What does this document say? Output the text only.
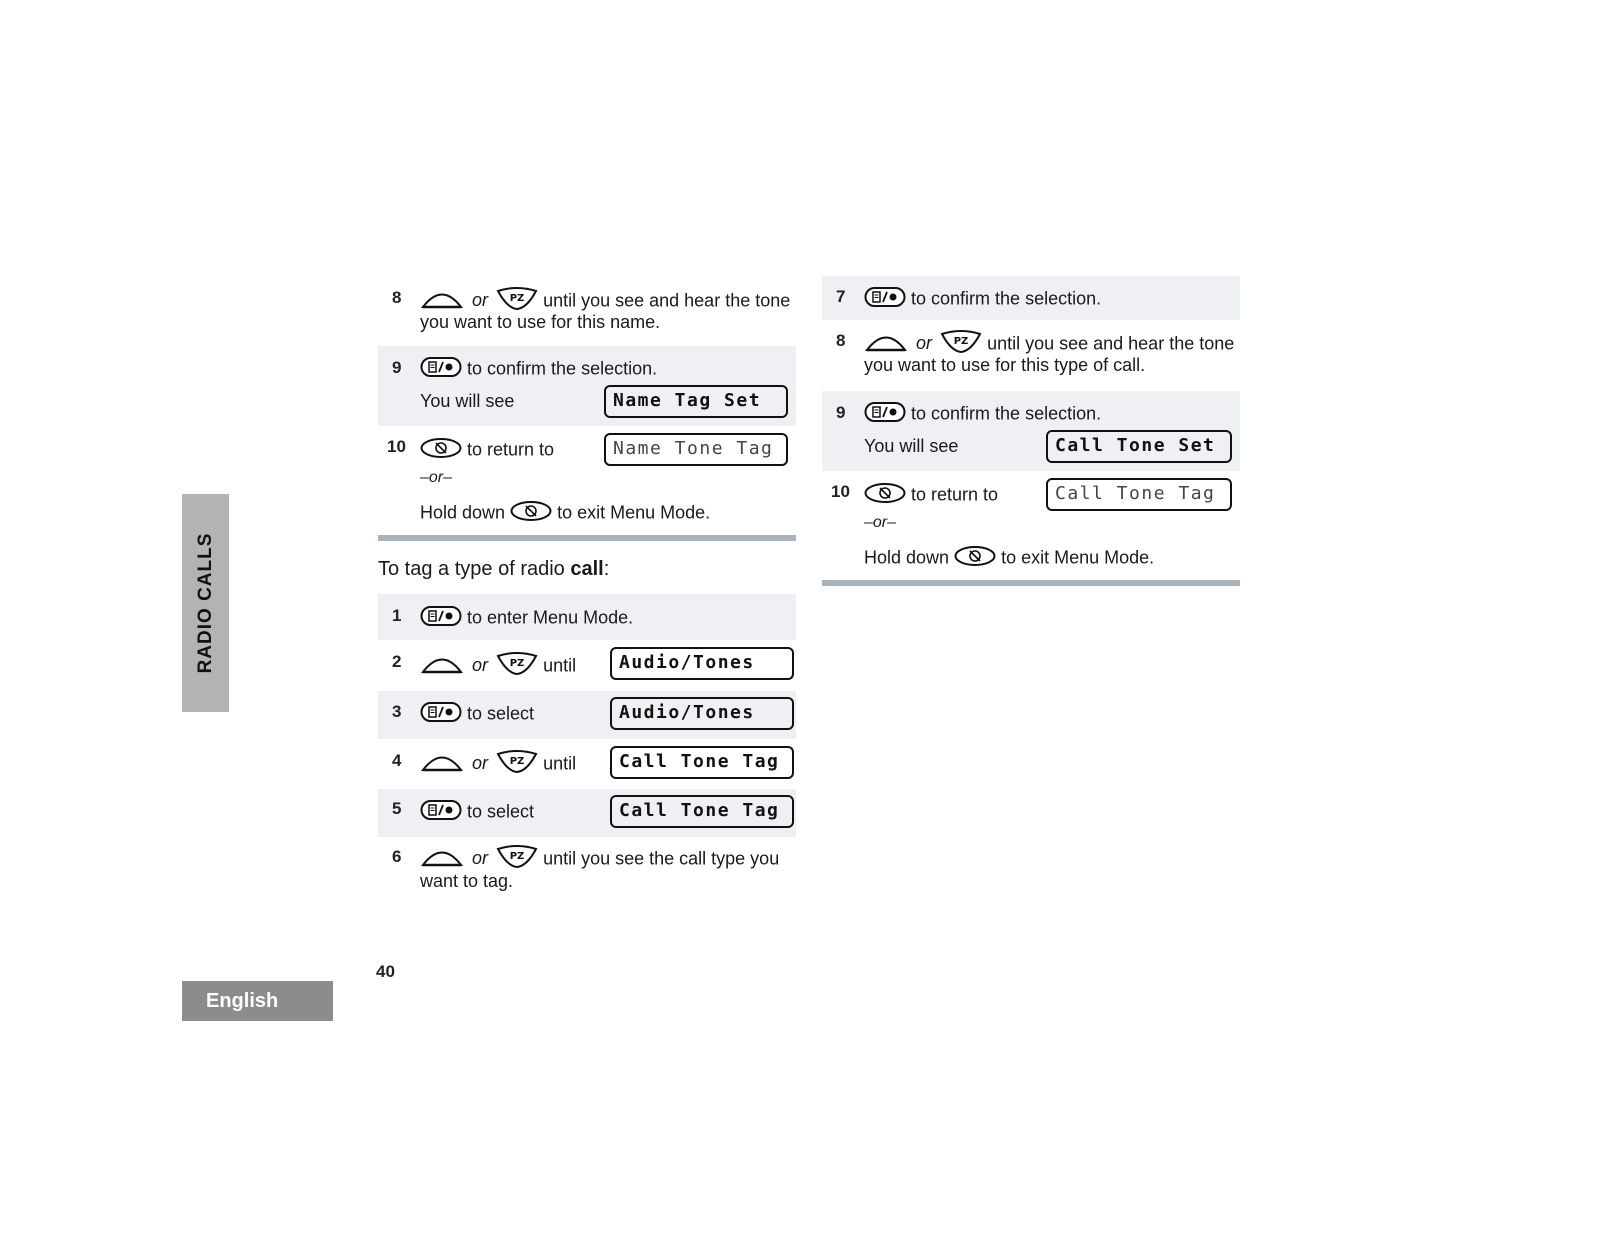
RADIO CALLS
English
40
8	or PZ until you see and hear the tone
you want to use for this name.
9	to confirm the selection.
You will see	Name Tag Set
10	to return to	Name Tone Tag
–or–
Hold down	to exit Menu Mode.
To tag a type of radio call:
1	to enter Menu Mode.
2	or PZ until	Audio/Tones
3	to select	Audio/Tones
4	or PZ until	Call Tone Tag
5	to select	Call Tone Tag
6	or PZ until you see the call type you
want to tag.
7	to confirm the selection.
8	or PZ until you see and hear the tone
you want to use for this type of call.
9	to confirm the selection.
You will see	Call Tone Set
10	to return to	Call Tone Tag
–or–
Hold down	to exit Menu Mode.
